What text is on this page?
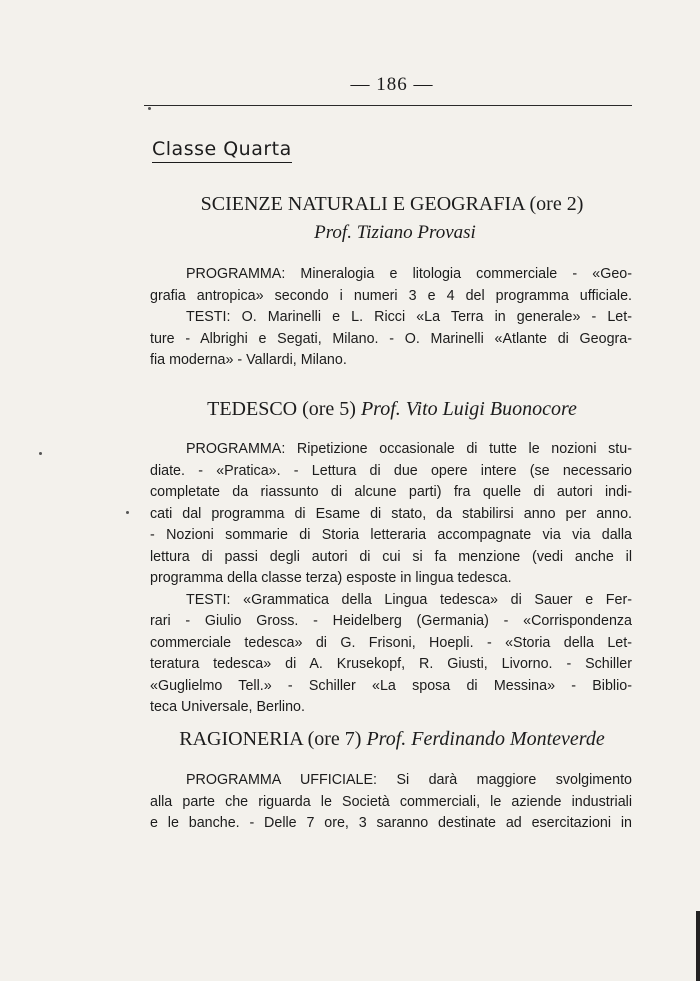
— 186 —
Classe Quarta
SCIENZE NATURALI E GEOGRAFIA (ore 2)
Prof. Tiziano Provasi

PROGRAMMA: Mineralogia e litologia commerciale - «Geo-

grafia antropica» secondo i numeri 3 e 4 del programma ufficiale.

TESTI: O. Marinelli e L. Ricci «La Terra in generale» - Let-

ture - Albrighi e Segati, Milano. - O. Marinelli «Atlante di Geogra-

fia moderna» - Vallardi, Milano.

TEDESCO (ore 5) Prof. Vito Luigi Buonocore

PROGRAMMA: Ripetizione occasionale di tutte le nozioni stu-

diate. - «Pratica». - Lettura di due opere intere (se necessario

completate da riassunto di alcune parti) fra quelle di autori indi-

cati dal programma di Esame di stato, da stabilirsi anno per anno.

- Nozioni sommarie di Storia letteraria accompagnate via via dalla

lettura di passi degli autori di cui si fa menzione (vedi anche il

programma della classe terza) esposte in lingua tedesca.

TESTI: «Grammatica della Lingua tedesca» di Sauer e Fer-

rari - Giulio Gross. - Heidelberg (Germania) - «Corrispondenza

commerciale tedesca» di G. Frisoni, Hoepli. - «Storia della Let-

teratura tedesca» di A. Krusekopf, R. Giusti, Livorno. - Schiller

«Guglielmo Tell.» - Schiller «La sposa di Messina» - Biblio-

teca Universale, Berlino.

RAGIONERIA (ore 7) Prof. Ferdinando Monteverde

PROGRAMMA UFFICIALE: Si darà maggiore svolgimento

alla parte che riguarda le Società commerciali, le aziende industriali

e le banche. - Delle 7 ore, 3 saranno destinate ad esercitazioni in
